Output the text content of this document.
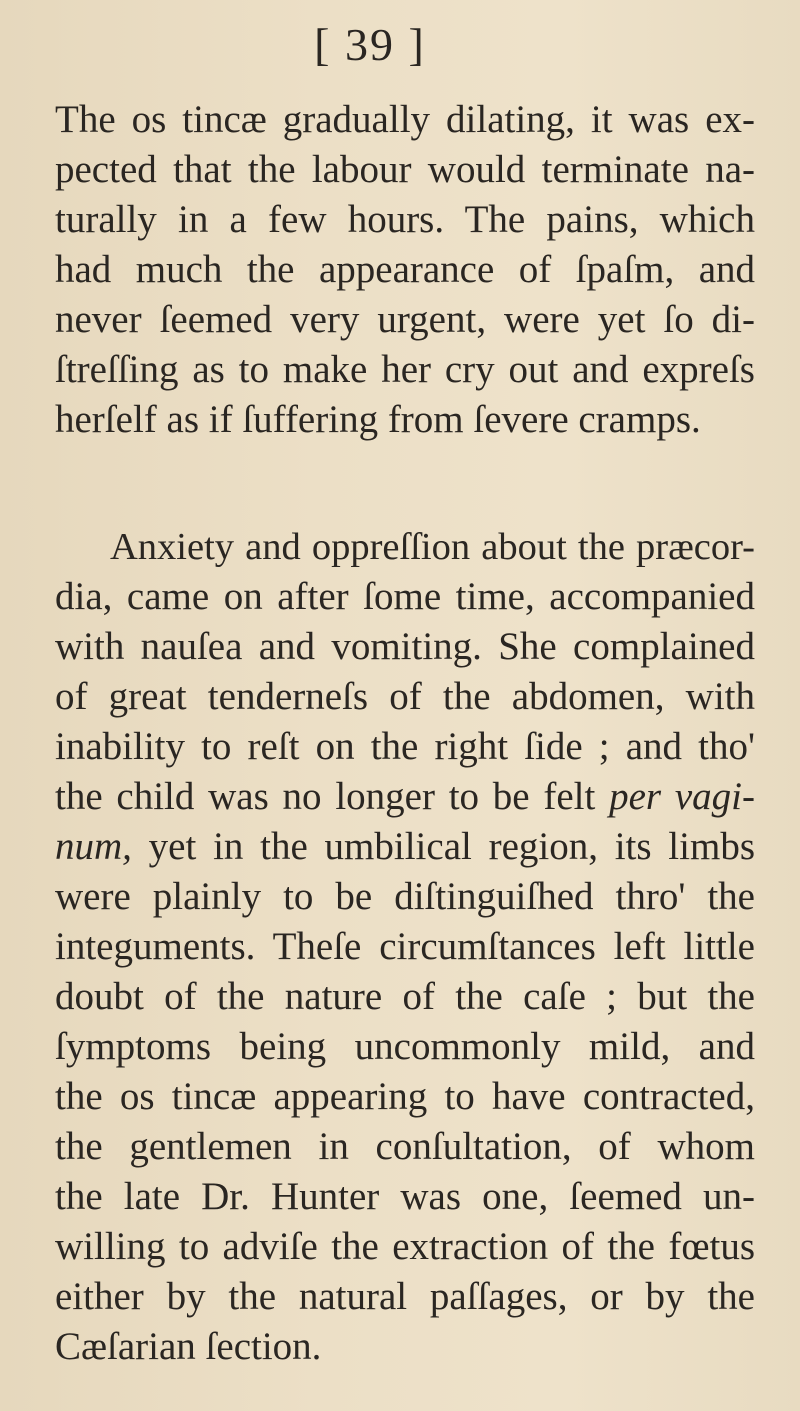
[ 39 ]
The os tincæ gradually dilating, it was ex-
pected that the labour would terminate na-
turally in a few hours. The pains, which
had much the appearance of ſpaſm, and
never ſeemed very urgent, were yet ſo di-
ſtreſſing as to make her cry out and expreſs
herſelf as if ſuffering from ſevere cramps.
Anxiety and oppreſſion about the præcor-
dia, came on after ſome time, accompanied
with nauſea and vomiting. She complained
of great tenderneſs of the abdomen, with
inability to reſt on the right ſide ; and tho'
the child was no longer to be felt per vagi-
num, yet in the umbilical region, its limbs
were plainly to be diſtinguiſhed thro' the
integuments. Theſe circumſtances left little
doubt of the nature of the caſe ; but the
ſymptoms being uncommonly mild, and
the os tincæ appearing to have contracted,
the gentlemen in conſultation, of whom
the late Dr. Hunter was one, ſeemed un-
willing to adviſe the extraction of the fœtus
either by the natural paſſages, or by the
Cæſarian ſection.
